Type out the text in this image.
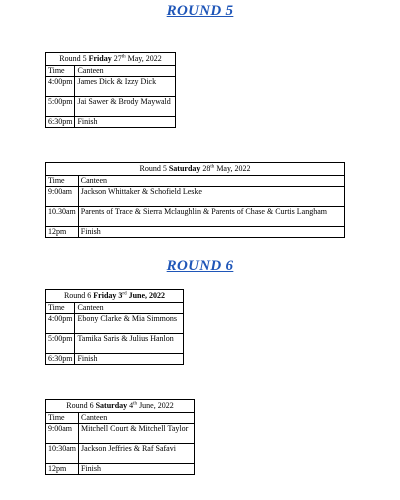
ROUND 5
Round 5 Friday 27th May, 2022	
Time	Canteen
4:00pm	James Dick & Izzy Dick
5:00pm	Jai Sawer & Brody Maywald
6:30pm	Finish
Round 5 Saturday 28th May, 2022	
Time	Canteen
9:00am	Jackson Whittaker & Schofield Leske
10.30am	Parents of Trace & Sierra Mclaughlin & Parents of Chase & Curtis Langham
12pm	Finish
ROUND 6
Round 6 Friday 3rd June, 2022	
Time	Canteen
4:00pm	Ebony Clarke & Mia Simmons
5:00pm	Tamika Saris & Julius Hanlon
6:30pm	Finish
Round 6 Saturday 4th June, 2022	
Time	Canteen
9:00am	Mitchell Court & Mitchell Taylor
10:30am	Jackson Jeffries & Raf Safavi
12pm	Finish
